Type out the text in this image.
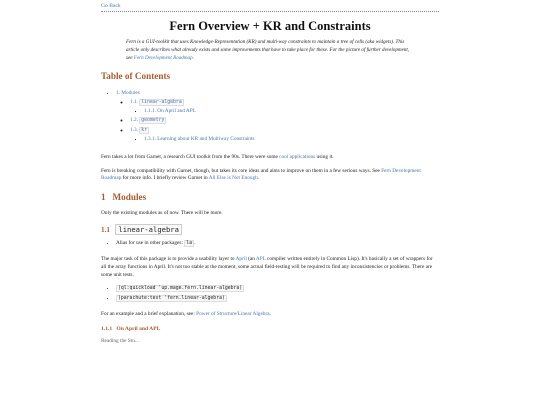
Go Back
Fern Overview + KR and Constraints

Fern is a GUI-toolkit that uses Knowledge-Representation (KR) and multi-way constraints to maintain a tree of cells (aka widgets). This article only describes what already exists and some improvements that have to take place for these. For the picture of further development, see Fern Development Roadmap.

Table of Contents
• 1. Modules
◦ 1.1. linear-algebra
▪ 1.1.1. On April and APL
◦ 1.2. geometry
◦ 1.3. kr
▪ 1.3.1. Learning about KR and Multiway Constraints

Fern takes a lot from Garnet, a research GUI toolkit from the 90s. There were some cool applications using it.

Fern is breaking compatibility with Garnet, though, but takes its core ideas and aims to improve on them in a few serious ways. See Fern Development Roadmap for more info. I briefly review Garnet in All Else is Not Enough.

1   Modules

Only the existing modules as of now. There will be more.

1.1 linear-algebra
• Alias for use in other packages: la .

The major task of this package is to provide a usability layer to April (an APL compiler written entirely in Common Lisp). It's basically a set of wrappers for all the array functions in April. It's not too stable at the moment, some actual field-testing will be required to find any inconsistencies or problems. There are some unit tests.

• (ql:quickload 'up.mage.fern.linear-algebra)
• (parachute:test 'fern.linear-algebra)

For an example and a brief explanation, see: Power of Structure/Linear Algebra.

1.1.1   On April and APL

Reading the Stu...
